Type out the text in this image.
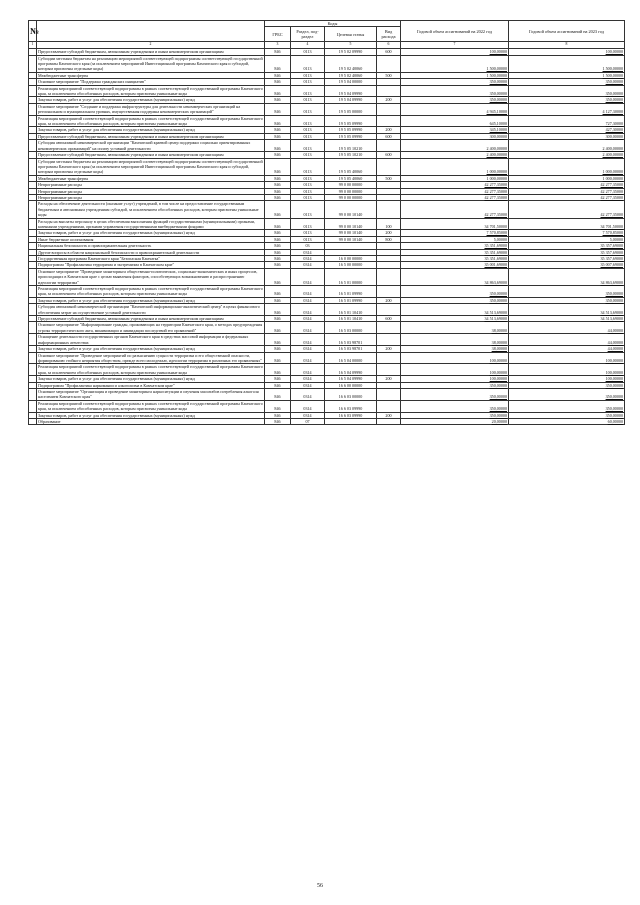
№		Коды				Годовой объем ассигнований на 2022 год	Годовой объем ассигнований на 2023 год
		ГРБС	Раздел, под-раздел	Целевая статья	Вид расхода		
1	2	3	4	5	6	7	8
	Предоставление субсидий бюджетным, автономным учреждениям и иным некоммерческим организациям	846	0113	19 5 02 09990	600	100,00000	100,00000
	Субсидии местным бюджетам на реализацию мероприятий соответствующей подпрограммы соответствующей государственной программы Камчатского края (за исключением мероприятий Инвестиционной программы Камчатского края и субсидий, которым присвоены отдельные коды)	846	0113	19 5 02 40060		1 500,00000	1 500,00000
	Межбюджетные трансферты	846	0113	19 5 02 40060	500	1 500,00000	1 500,00000
	Основное мероприятие "Поддержка гражданских инициатив"	846	0113	19 5 04 00000		350,00000	350,00000
	Реализация мероприятий соответствующей подпрограммы в рамках соответствующей государственной программы Камчатского края, за исключением обособленных расходов, которым присвоены уникальные коды	846	0113	19 5 04 09990		350,00000	350,00000
	Закупка товаров, работ и услуг для обеспечения государственных (муниципальных) нужд	846	0113	19 5 04 09990	200	350,00000	350,00000
	Основное мероприятие "Создание и поддержка инфраструктуры для деятельности некоммерческих организаций на региональном и муниципальном уровнях, имущественная поддержка некоммерческих организаций"	846	0113	19 5 05 00000		4 945,10000	4 127,30000
	Реализация мероприятий соответствующей подпрограммы в рамках соответствующей государственной программы Камчатского края, за исключением обособленных расходов, которым присвоены уникальные коды	846	0113	19 5 05 09990		645,10000	727,30000
	Закупка товаров, работ и услуг для обеспечения государственных (муниципальных) нужд	846	0113	19 5 05 09990	200	345,10000	427,30000
	Предоставление субсидий бюджетным, автономным учреждениям и иным некоммерческим организациям	846	0113	19 5 05 09990	600	300,00000	300,00000
	Субсидия автономной некоммерческой организации "Камчатский краевой центр поддержки социально ориентированных некоммерческих организаций" на оплату уставной деятельности	846	0113	19 5 05 10210		2 400,00000	2 400,00000
	Предоставление субсидий бюджетным, автономным учреждениям и иным некоммерческим организациям	846	0113	19 5 05 10210	600	2 400,00000	2 400,00000
	Субсидии местным бюджетам на реализацию мероприятий соответствующей подпрограммы соответствующей государственной программы Камчатского края (за исключением мероприятий Инвестиционной программы Камчатского края и субсидий, которым присвоены отдельные коды)	846	0113	19 5 05 40060		1 000,00000	1 000,00000
	Межбюджетные трансферты	846	0113	19 5 05 40060	500	1 000,00000	1 000,00000
	Непрограммные расходы	846	0113	99 0 00 00000		42 277,35000	42 277,35000
	Непрограммные расходы	846	0113	99 0 00 00000		42 277,35000	42 277,35000
	Непрограммные расходы	846	0113	99 0 00 00000		42 277,35000	42 277,35000
	Расходы на обеспечение деятельности (оказание услуг) учреждений, в том числе на предоставление государственным бюджетным и автономным учреждениям субсидий, за исключением обособленных расходов, которым присвоены уникальные коды	846	0113	99 0 00 10140		42 277,35000	42 277,35000
	Расходы на выплаты персоналу в целях обеспечения выполнения функций государственными (муниципальными) органами, казенными учреждениями, органами управления государственными внебюджетными фондами	846	0113	99 0 00 10140	100	34 701,50000	34 701,50000
	Закупка товаров, работ и услуг для обеспечения государственных (муниципальных) нужд	846	0113	99 0 00 10140	200	7 570,85000	7 570,85000
	Иные бюджетные ассигнования	846	0113	99 0 00 10140	800	5,00000	5,00000
	Национальная безопасность и правоохранительная деятельность	846	03			35 351,69000	35 357,69000
	Другие вопросы в области национальной безопасности и правоохранительной деятельности	846	0314			35 351,69000	35 357,69000
	Государственная программа Камчатского края "Безопасная Камчатка"	846	0314	16 0 00 00000		35 351,69000	35 357,69000
	Подпрограмма "Профилактика терроризма и экстремизма в Камчатском крае"	846	0314	16 5 00 00000		35 001,69000	35 007,69000
	Основное мероприятие "Проведение мониторинга общественно-политических, социально-экономических и иных процессов, происходящих в Камчатском крае с целью выявления факторов, способствующих возникновению и распространению идеологии терроризма"	846	0314	16 5 01 00000		34 863,69000	34 863,69000
	Реализация мероприятий соответствующей подпрограммы в рамках соответствующей государственной программы Камчатского края, за исключением обособленных расходов, которым присвоены уникальные коды	846	0314	16 5 01 09990		350,00000	350,00000
	Закупка товаров, работ и услуг для обеспечения государственных (муниципальных) нужд	846	0314	16 5 01 09990	200	350,00000	350,00000
	Субсидия автономной некоммерческой организации "Камчатский информационно-аналитический центр" в целях финансового обеспечения затрат на осуществление уставной деятельности	846	0314	16 5 01 10410		34 513,69000	34 513,69000
	Предоставление субсидий бюджетным, автономным учреждениям и иным некоммерческим организациям	846	0314	16 5 01 10410	600	34 513,69000	34 513,69000
	Основное мероприятие "Информирование граждан, проживающих на территории Камчатского края, о методах предупреждения угрозы террористического акта, минимизации и ликвидации последствий его проявлений"	846	0314	16 5 03 00000		38,00000	44,00000
	Оснащение деятельности государственных органов Камчатского края в средствах массовой информации и федеральных информационных агентствах	846	0314	16 5 03 98701		38,00000	44,00000
	Закупка товаров, работ и услуг для обеспечения государственных (муниципальных) нужд	846	0314	16 5 03 98701	200	38,00000	44,00000
	Основное мероприятие "Проведение мероприятий по разъяснению сущности терроризма и его общественной опасности, формированию стойкого неприятия обществом, прежде всего молодежью, идеологии терроризма в различных его проявлениях"	846	0314	16 5 04 00000		100,00000	100,00000
	Реализация мероприятий соответствующей подпрограммы в рамках соответствующей государственной программы Камчатского края, за исключением обособленных расходов, которым присвоены уникальные коды	846	0314	16 5 04 09990		100,00000	100,00000
	Закупка товаров, работ и услуг для обеспечения государственных (муниципальных) нужд	846	0314	16 5 04 09990	200	100,00000	100,00000
	Подпрограмма "Профилактика наркомании и алкоголизма в Камчатском крае"	846	0314	16 6 00 00000		350,00000	350,00000
	Основное мероприятие "Организация и проведение мониторинга наркоситуации и изучения масштабов потребления алкоголя населением Камчатского края"	846	0314	16 6 03 00000		350,00000	350,00000
	Реализация мероприятий соответствующей подпрограммы в рамках соответствующей государственной программы Камчатского края, за исключением обособленных расходов, которым присвоены уникальные коды	846	0314	16 6 03 09990		350,00000	350,00000
	Закупка товаров, работ и услуг для обеспечения государственных (муниципальных) нужд	846	0314	16 6 03 09990	200	350,00000	350,00000
	Образование	846	07			20,00000	60,00000
56
